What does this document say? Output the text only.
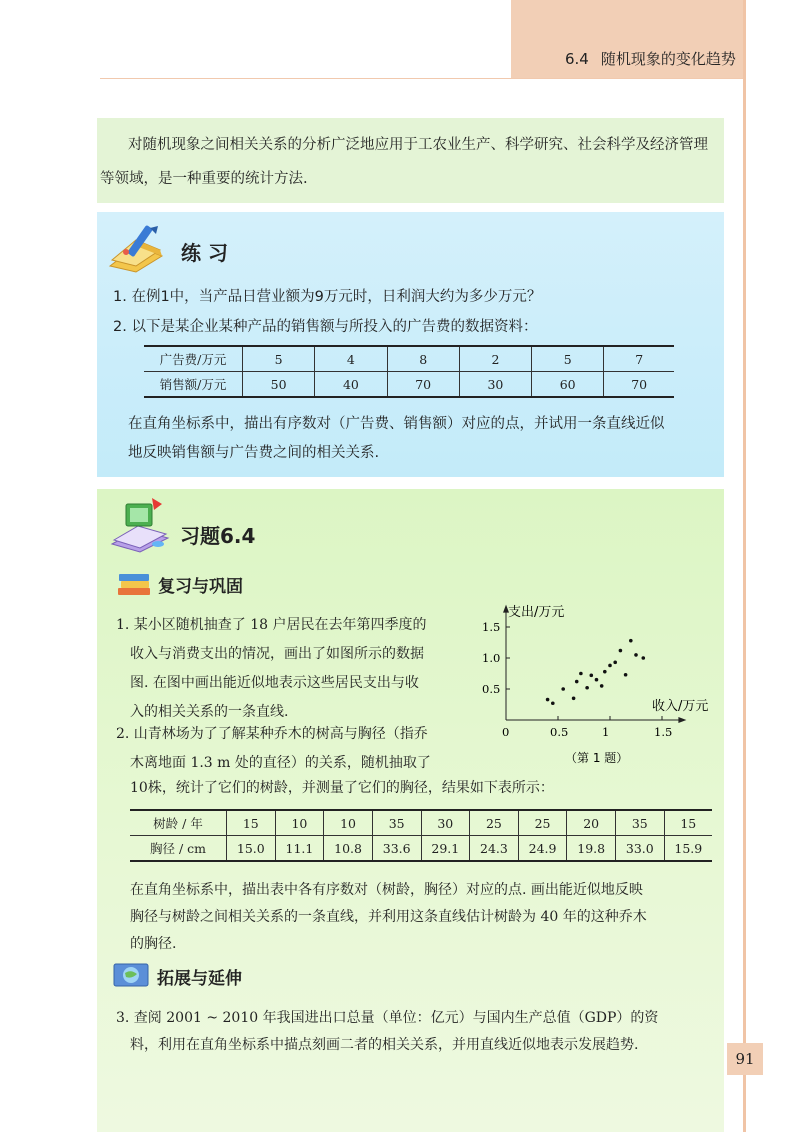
6.4 随机现象的变化趋势
对随机现象之间相关关系的分析广泛地应用于工农业生产、科学研究、社会科学及经济管理等领域，是一种重要的统计方法.
练 习
1. 在例1中，当产品日营业额为9万元时，日利润大约为多少万元？
2. 以下是某企业某种产品的销售额与所投入的广告费的数据资料：
广告费/万元	5	4	8	2	5	7
销售额/万元	50	40	70	30	60	70
在直角坐标系中，描出有序数对（广告费、销售额）对应的点，并试用一条直线近似
地反映销售额与广告费之间的相关关系.
习题6.4
复习与巩固
1. 某小区随机抽查了 18 户居民在去年第四季度的
收入与消费支出的情况，画出了如图所示的数据
图. 在图中画出能近似地表示这些居民支出与收
入的相关关系的一条直线.
2. 山青林场为了了解某种乔木的树高与胸径（指乔
木离地面 1.3 m 处的直径）的关系，随机抽取了
10株，统计了它们的树龄，并测量了它们的胸径，结果如下表所示：
支出/万元
收入/万元
（第 1 题）
0	0.5	1	1.5
0.5
1.0
1.5
树龄 / 年	15	10	10	35	30	25	25	20	35	15
胸径 / cm	15.0	11.1	10.8	33.6	29.1	24.3	24.9	19.8	33.0	15.9
在直角坐标系中，描出表中各有序数对（树龄，胸径）对应的点. 画出能近似地反映
胸径与树龄之间相关关系的一条直线，并利用这条直线估计树龄为 40 年的这种乔木
的胸径.
拓展与延伸
3. 查阅 2001 ~ 2010 年我国进出口总量（单位：亿元）与国内生产总值（GDP）的资
料，利用在直角坐标系中描点刻画二者的相关关系，并用直线近似地表示发展趋势.
91
